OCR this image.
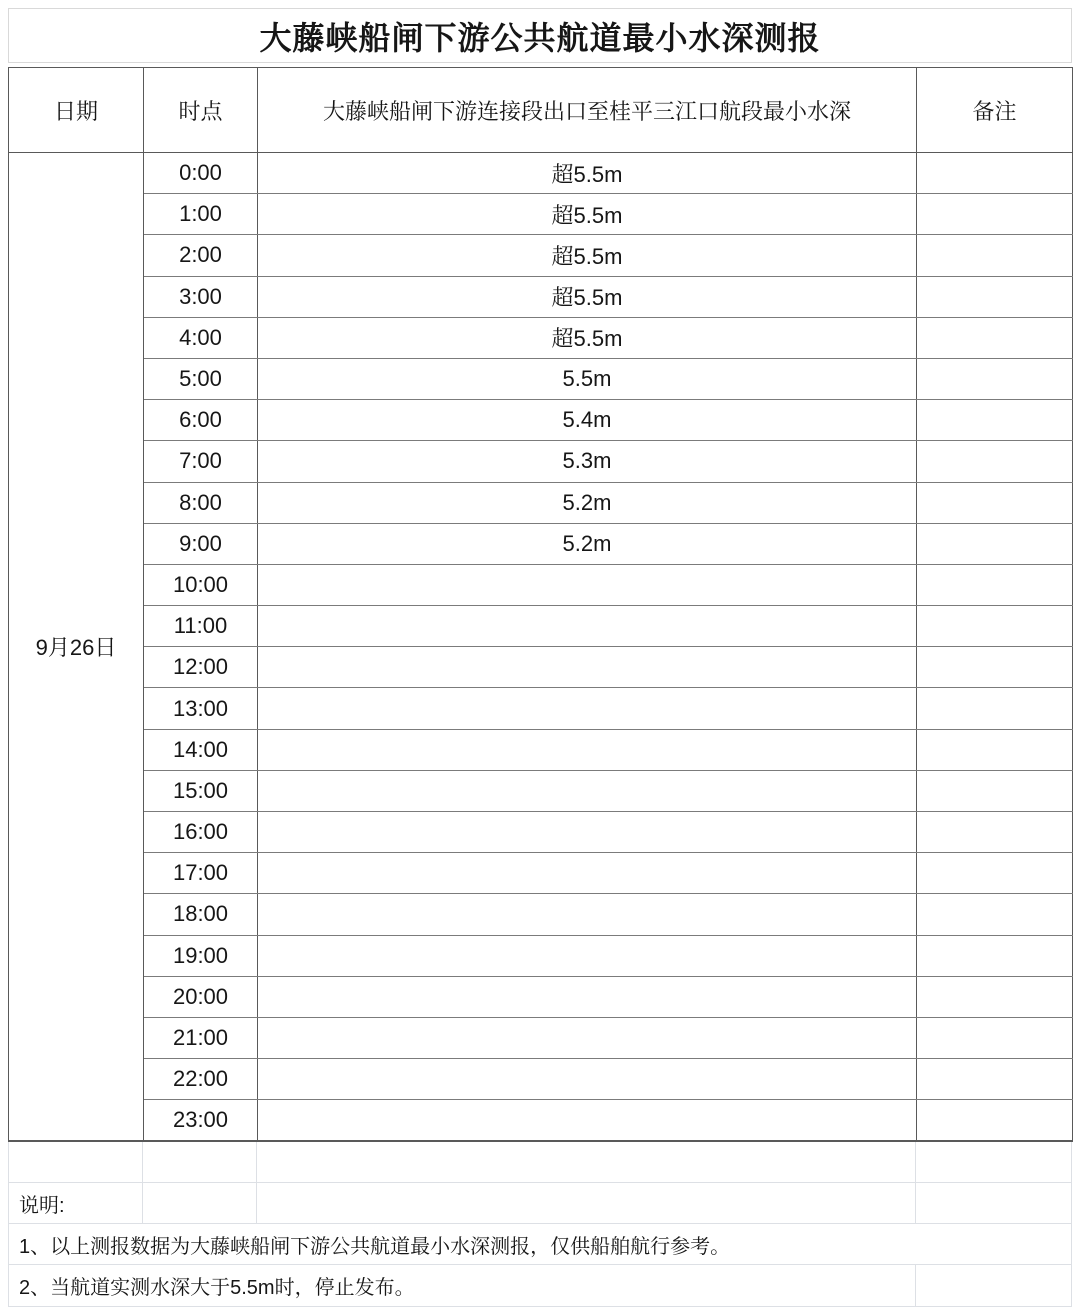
大藤峡船闸下游公共航道最小水深测报
日期	时点	大藤峡船闸下游连接段出口至桂平三江口航段最小水深	备注
9月26日	0:00	超5.5m	
	1:00	超5.5m	
	2:00	超5.5m	
	3:00	超5.5m	
	4:00	超5.5m	
	5:00	5.5m	
	6:00	5.4m	
	7:00	5.3m	
	8:00	5.2m	
	9:00	5.2m	
	10:00		
	11:00		
	12:00		
	13:00		
	14:00		
	15:00		
	16:00		
	17:00		
	18:00		
	19:00		
	20:00		
	21:00		
	22:00		
	23:00		
说明:
1、以上测报数据为大藤峡船闸下游公共航道最小水深测报，仅供船舶航行参考。
2、当航道实测水深大于5.5m时，停止发布。
